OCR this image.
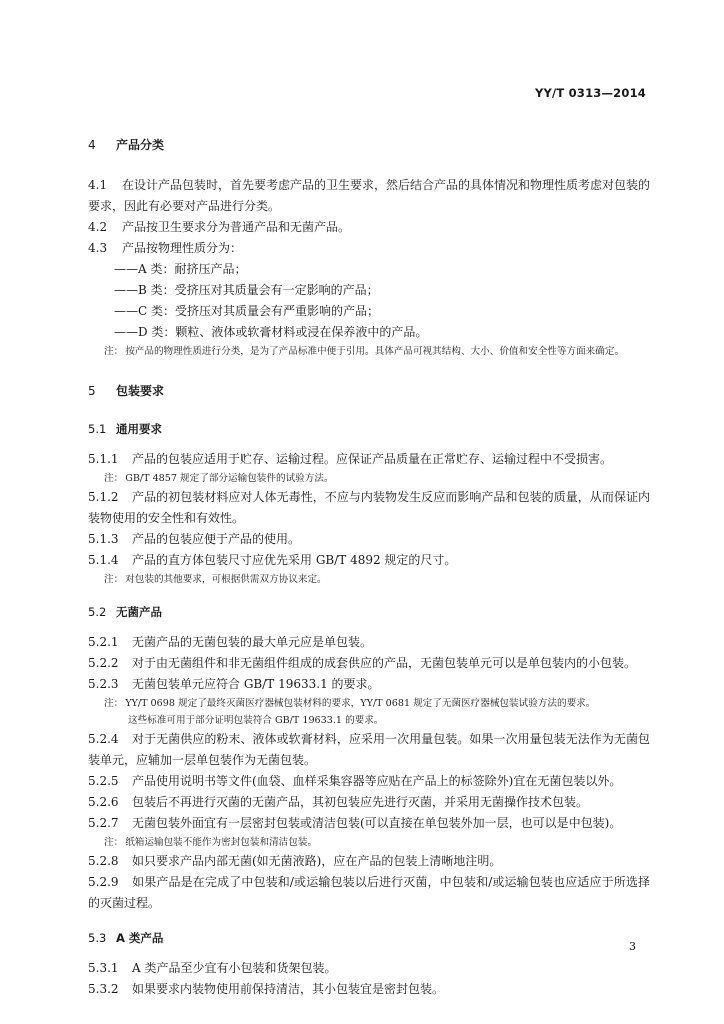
YY/T 0313—2014
4 产品分类

4.1 在设计产品包装时，首先要考虑产品的卫生要求，然后结合产品的具体情况和物理性质考虑对包装的要求，因此有必要对产品进行分类。

4.2 产品按卫生要求分为普通产品和无菌产品。

4.3 产品按物理性质分为：

——A 类：耐挤压产品；

——B 类：受挤压对其质量会有一定影响的产品；

——C 类：受挤压对其质量会有严重影响的产品；

——D 类：颗粒、液体或软膏材料或浸在保养液中的产品。

注： 按产品的物理性质进行分类，是为了产品标准中便于引用。具体产品可视其结构、大小、价值和安全性等方面来确定。

5 包装要求
5.1 通用要求

5.1.1 产品的包装应适用于贮存、运输过程。应保证产品质量在正常贮存、运输过程中不受损害。

注： GB/T 4857 规定了部分运输包装件的试验方法。

5.1.2 产品的初包装材料应对人体无毒性，不应与内装物发生反应而影响产品和包装的质量，从而保证内装物使用的安全性和有效性。

5.1.3 产品的包装应便于产品的使用。

5.1.4 产品的直方体包装尺寸应优先采用 GB/T 4892 规定的尺寸。

注： 对包装的其他要求，可根据供需双方协议来定。

5.2 无菌产品

5.2.1 无菌产品的无菌包装的最大单元应是单包装。

5.2.2 对于由无菌组件和非无菌组件组成的成套供应的产品，无菌包装单元可以是单包装内的小包装。

5.2.3 无菌包装单元应符合 GB/T 19633.1 的要求。

注： YY/T 0698 规定了最终灭菌医疗器械包装材料的要求，YY/T 0681 规定了无菌医疗器械包装试验方法的要求。

这些标准可用于部分证明包装符合 GB/T 19633.1 的要求。

5.2.4 对于无菌供应的粉末、液体或软膏材料，应采用一次用量包装。如果一次用量包装无法作为无菌包装单元，应辅加一层单包装作为无菌包装。

5.2.5 产品使用说明书等文件(血袋、血样采集容器等应贴在产品上的标签除外)宜在无菌包装以外。

5.2.6 包装后不再进行灭菌的无菌产品，其初包装应先进行灭菌，并采用无菌操作技术包装。

5.2.7 无菌包装外面宜有一层密封包装或清洁包装(可以直接在单包装外加一层，也可以是中包装)。

注： 纸箱运输包装不能作为密封包装和清洁包装。

5.2.8 如只要求产品内部无菌(如无菌液路)，应在产品的包装上清晰地注明。

5.2.9 如果产品是在完成了中包装和/或运输包装以后进行灭菌，中包装和/或运输包装也应适应于所选择的灭菌过程。

5.3 A 类产品

5.3.1 A 类产品至少宜有小包装和货架包装。

5.3.2 如果要求内装物使用前保持清洁，其小包装宜是密封包装。

3
